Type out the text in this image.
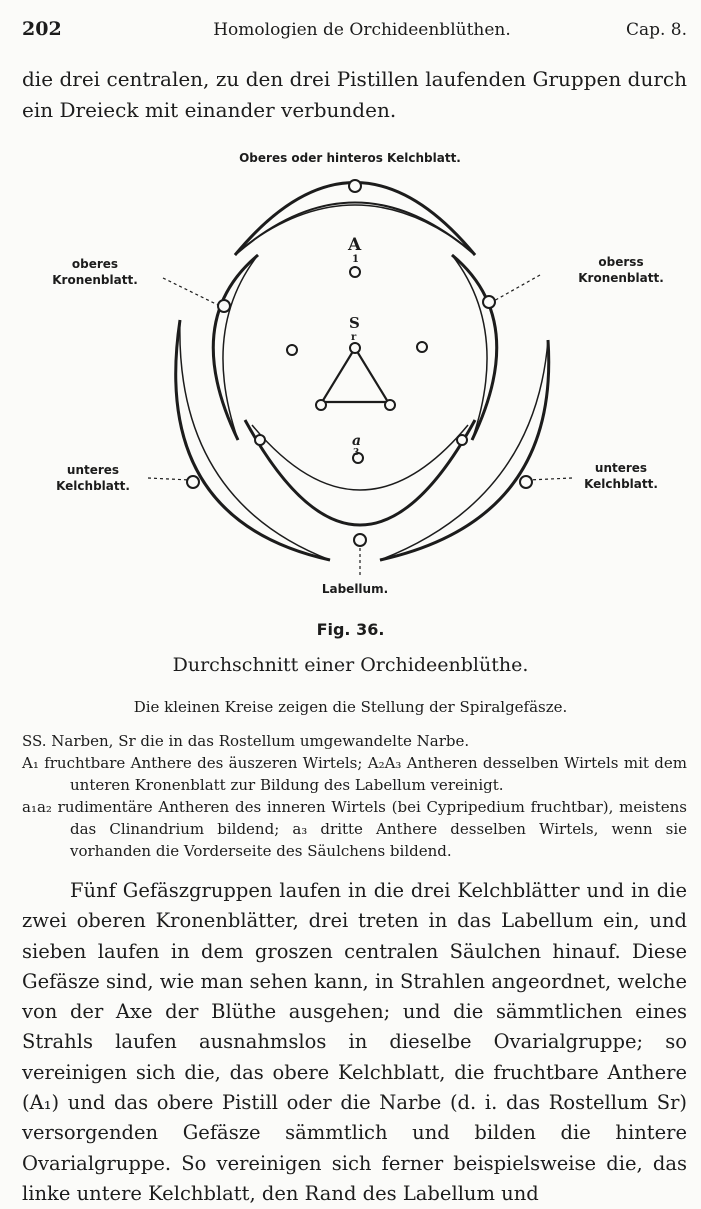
202	Homologien de Orchideenblüthen.	Cap. 8.
die drei centralen, zu den drei Pistillen laufenden Gruppen durch ein Dreieck mit einander verbunden.
A
1
S
r
a
3
Oberes oder hinteros Kelchblatt.
oberes
Kronenblatt.
oberss
Kronenblatt.
unteres
Kelchblatt.
unteres
Kelchblatt.
Labellum.
Fig. 36.
Durchschnitt einer Orchideenblüthe.
Die kleinen Kreise zeigen die Stellung der Spiralgefäsze.
SS. Narben, Sr die in das Rostellum umgewandelte Narbe.
A₁ fruchtbare Anthere des äuszeren Wirtels; A₂A₃ Antheren desselben Wirtels mit dem unteren Kronenblatt zur Bildung des Labellum vereinigt.
a₁a₂ rudimentäre Antheren des inneren Wirtels (bei Cypripedium fruchtbar), meistens das Clinandrium bildend; a₃ dritte Anthere desselben Wirtels, wenn sie vorhanden die Vorderseite des Säulchens bildend.

Fünf Gefäszgruppen laufen in die drei Kelchblätter und in die zwei oberen Kronenblätter, drei treten in das Labellum ein, und sieben laufen in dem groszen centralen Säulchen hinauf. Diese Gefäsze sind, wie man sehen kann, in Strahlen angeordnet, welche von der Axe der Blüthe ausgehen; und die sämmtlichen eines Strahls laufen ausnahmslos in dieselbe Ovarialgruppe; so vereinigen sich die, das obere Kelchblatt, die fruchtbare Anthere (A₁) und das obere Pistill oder die Narbe (d. i. das Rostellum Sr) versorgenden Gefäsze sämmtlich und bilden die hintere Ovarialgruppe. So vereinigen sich ferner beispielsweise die, das linke untere Kelchblatt, den Rand des Labellum und
